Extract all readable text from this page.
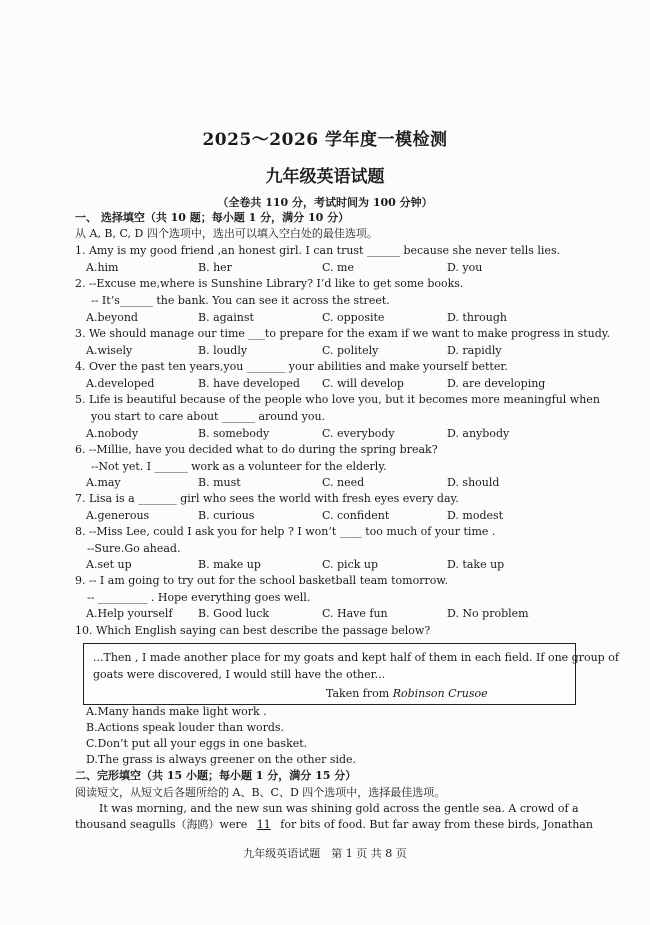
2025～2026 学年度一模检测
九年级英语试题
（全卷共 110 分，考试时间为 100 分钟）
一、 选择填空（共 10 题；每小题 1 分，满分 10 分）
从 A, B, C, D 四个选项中，选出可以填入空白处的最佳选项。
1. Amy is my good friend ,an honest girl. I can trust ______ because she never tells lies.
A.him	B. her	C. me	D. you
2. --Excuse me,where is Sunshine Library? I’d like to get some books.
-- It’s______ the bank. You can see it across the street.
A.beyond	B. against	C. opposite	D. through
3. We should manage our time ___to prepare for the exam if we want to make progress in study.
A.wisely	B. loudly	C. politely	D. rapidly
4. Over the past ten years,you _______ your abilities and make yourself better.
A.developed	B. have developed C. will develop	D. are developing
5. Life is beautiful because of the people who love you, but it becomes more meaningful when
you start to care about ______ around you.
A.nobody	B. somebody	C. everybody	D. anybody
6. --Millie, have you decided what to do during the spring break?
--Not yet. I ______ work as a volunteer for the elderly.
A.may	B. must	C. need	D. should
7. Lisa is a _______ girl who sees the world with fresh eyes every day.
A.generous	B. curious	C. confident	D. modest
8. --Miss Lee, could I ask you for help ? I won’t ____ too much of your time .
--Sure.Go ahead.
A.set up	B. make up	C. pick up	D. take up
9. -- I am going to try out for the school basketball team tomorrow.
-- _________ . Hope everything goes well.
A.Help yourself B. Good luck	C. Have fun	D. No problem
10. Which English saying can best describe the passage below?
...Then , I made another place for my goats and kept half of them in each field. If one group of
goats were discovered, I would still have the other...
Taken from Robinson Crusoe
A.Many hands make light work .
B.Actions speak louder than words.
C.Don’t put all your eggs in one basket.
D.The grass is always greener on the other side.
二、完形填空（共 15 小题；每小题 1 分，满分 15 分）
阅读短文，从短文后各题所给的 A、B、C、D 四个选项中，选择最佳选项。
It was morning, and the new sun was shining gold across the gentle sea. A crowd of a
thousand seagulls（海鸥）were 11 for bits of food. But far away from these birds, Jonathan
九年级英语试题　第 1 页 共 8 页
